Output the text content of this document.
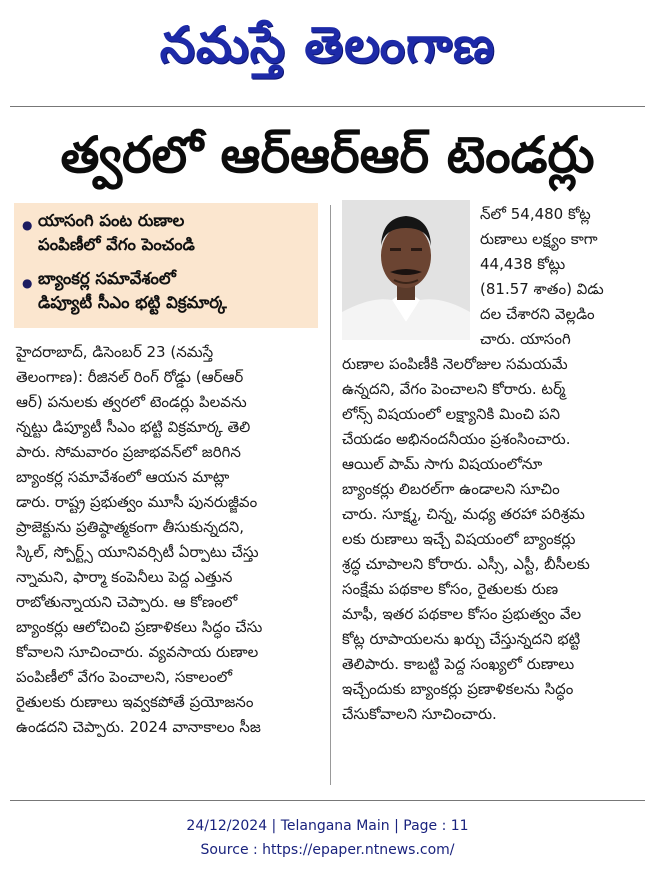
నమస్తే తెలంగాణ
త్వరలో ఆర్‌ఆర్‌ఆర్ టెండర్లు
● యాసంగి పంట రుణాల
పంపిణీలో వేగం పెంచండి
● బ్యాంకర్ల సమావేశంలో
డిప్యూటీ సీఎం భట్టి విక్రమార్క
న్‌లో 54,480 కోట్ల
రుణాలు లక్ష్యం కాగా
44,438 కోట్లు
(81.57 శాతం) విడు
దల చేశారని వెల్లడిం
చారు. యాసంగి
హైదరాబాద్, డిసెంబర్ 23 (నమస్తే
తెలంగాణ): రీజినల్ రింగ్ రోడ్డు (ఆర్‌ఆర్
ఆర్) పనులకు త్వరలో టెండర్లు పిలవను
న్నట్టు డిప్యూటీ సీఎం భట్టి విక్రమార్క తెలి
పారు. సోమవారం ప్రజాభవన్‌లో జరిగిన
బ్యాంకర్ల సమావేశంలో ఆయన మాట్లా
డారు. రాష్ట్ర ప్రభుత్వం మూసీ పునరుజ్జీవం
ప్రాజెక్టును ప్రతిష్ఠాత్మకంగా తీసుకున్నదని,
స్కిల్, స్పోర్ట్స్ యూనివర్సిటీ ఏర్పాటు చేస్తు
న్నామని, ఫార్మా కంపెనీలు పెద్ద ఎత్తున
రాబోతున్నాయని చెప్పారు. ఆ కోణంలో
బ్యాంకర్లు ఆలోచించి ప్రణాళికలు సిద్ధం చేసు
కోవాలని సూచించారు. వ్యవసాయ రుణాల
పంపిణీలో వేగం పెంచాలని, సకాలంలో
రైతులకు రుణాలు ఇవ్వకపోతే ప్రయోజనం
ఉండదని చెప్పారు. 2024 వానాకాలం సీజ
రుణాల పంపిణీకి నెలరోజుల సమయమే
ఉన్నదని, వేగం పెంచాలని కోరారు. టర్మ్
లోన్స్ విషయంలో లక్ష్యానికి మించి పని
చేయడం అభినందనీయం ప్రశంసించారు.
ఆయిల్ పామ్ సాగు విషయంలోనూ
బ్యాంకర్లు లిబరల్‌గా ఉండాలని సూచిం
చారు. సూక్ష్మ, చిన్న, మధ్య తరహా పరిశ్రమ
లకు రుణాలు ఇచ్చే విషయంలో బ్యాంకర్లు
శ్రద్ధ చూపాలని కోరారు. ఎస్సీ, ఎస్టీ, బీసీలకు
సంక్షేమ పథకాల కోసం, రైతులకు రుణ
మాఫీ, ఇతర పథకాల కోసం ప్రభుత్వం వేల
కోట్ల రూపాయలను ఖర్చు చేస్తున్నదని భట్టి
తెలిపారు. కాబట్టి పెద్ద సంఖ్యలో రుణాలు
ఇచ్చేందుకు బ్యాంకర్లు ప్రణాళికలను సిద్ధం
చేసుకోవాలని సూచించారు.
24/12/2024 | Telangana Main | Page : 11
Source : https://epaper.ntnews.com/
